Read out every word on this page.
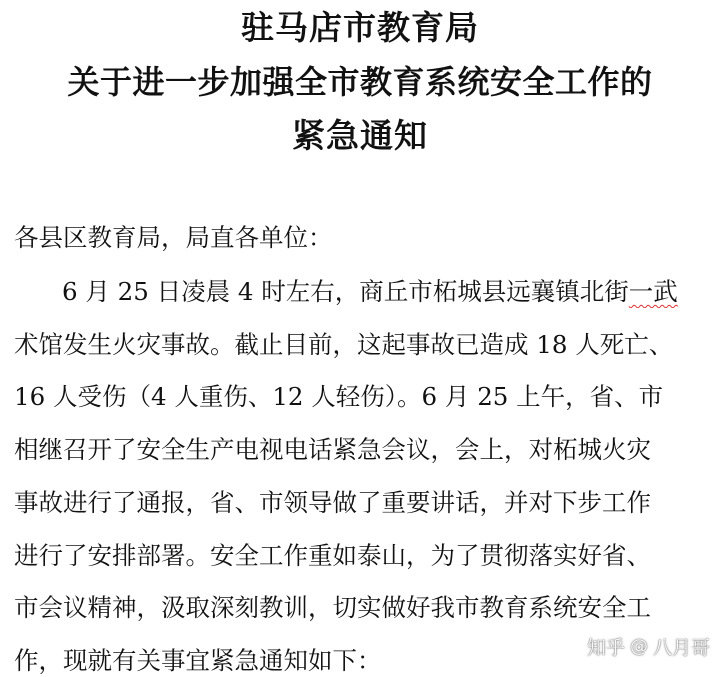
驻马店市教育局
关于进一步加强全市教育系统安全工作的
紧急通知
各县区教育局，局直各单位：
6 月 25 日凌晨 4 时左右，商丘市柘城县远襄镇北街一武
术馆发生火灾事故。截止目前，这起事故已造成 18 人死亡、
16 人受伤（4 人重伤、12 人轻伤）。6 月 25 上午，省、市
相继召开了安全生产电视电话紧急会议，会上，对柘城火灾
事故进行了通报，省、市领导做了重要讲话，并对下步工作
进行了安排部署。安全工作重如泰山，为了贯彻落实好省、
市会议精神，汲取深刻教训，切实做好我市教育系统安全工
作，现就有关事宜紧急通知如下：	知乎 @ 八月哥
